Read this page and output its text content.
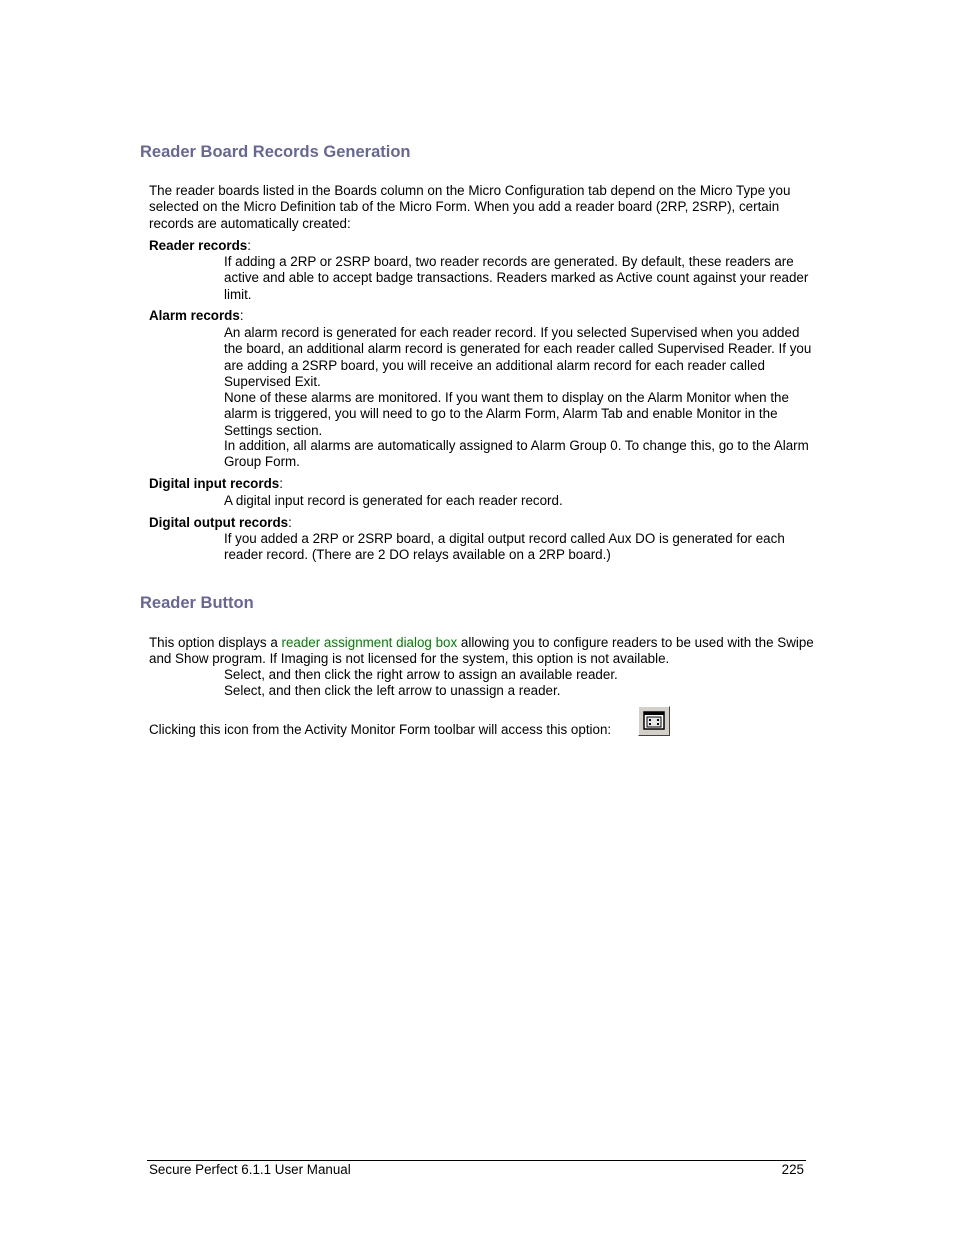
Reader Board Records Generation
The reader boards listed in the Boards column on the Micro Configuration tab depend on the Micro Type you selected on the Micro Definition tab of the Micro Form. When you add a reader board (2RP, 2SRP), certain records are automatically created:
Reader records:
If adding a 2RP or 2SRP board, two reader records are generated. By default, these readers are active and able to accept badge transactions. Readers marked as Active count against your reader limit.
Alarm records:
An alarm record is generated for each reader record. If you selected Supervised when you added the board, an additional alarm record is generated for each reader called Supervised Reader. If you are adding a 2SRP board, you will receive an additional alarm record for each reader called Supervised Exit.
None of these alarms are monitored. If you want them to display on the Alarm Monitor when the alarm is triggered, you will need to go to the Alarm Form, Alarm Tab and enable Monitor in the Settings section.
In addition, all alarms are automatically assigned to Alarm Group 0. To change this, go to the Alarm Group Form.
Digital input records:
A digital input record is generated for each reader record.
Digital output records:
If you added a 2RP or 2SRP board, a digital output record called Aux DO is generated for each reader record. (There are 2 DO relays available on a 2RP board.)
Reader Button
This option displays a reader assignment dialog box allowing you to configure readers to be used with the Swipe and Show program. If Imaging is not licensed for the system, this option is not available.
Select, and then click the right arrow to assign an available reader.
Select, and then click the left arrow to unassign a reader.
Clicking this icon from the Activity Monitor Form toolbar will access this option:
Secure Perfect 6.1.1 User Manual	225
